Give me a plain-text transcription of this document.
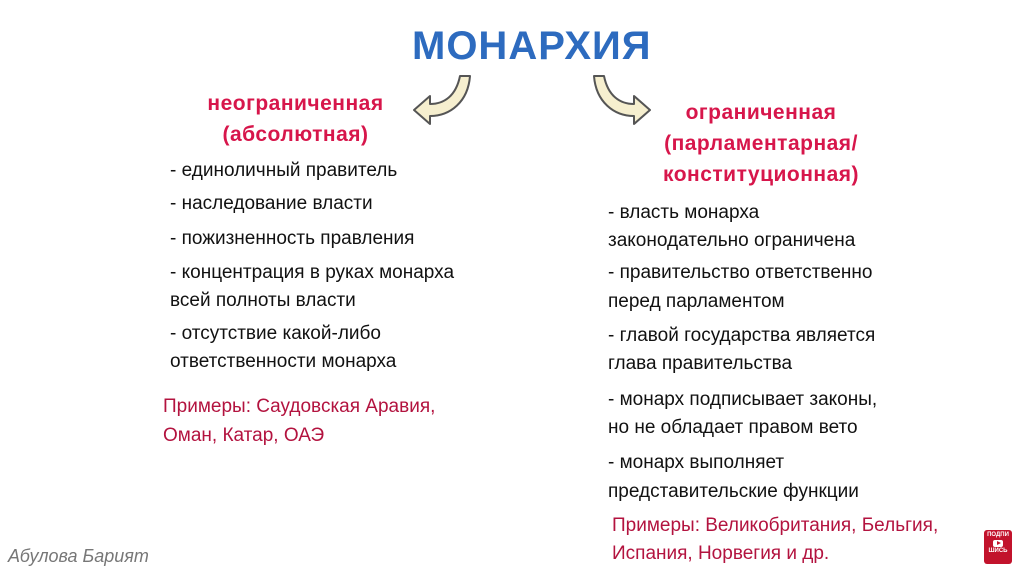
МОНАРХИЯ
неограниченная
(абсолютная)
- единоличный правитель
- наследование власти
- пожизненность правления
- концентрация в руках монарха
всей полноты власти
- отсутствие какой-либо
ответственности монарха
Примеры: Саудовская Аравия,
Оман, Катар, ОАЭ
ограниченная
(парламентарная/
конституционная)
- власть монарха
законодательно ограничена
- правительство ответственно
перед парламентом
- главой государства является
глава правительства
- монарх подписывает законы,
но не обладает правом вето
- монарх выполняет
представительские функции
Примеры: Великобритания, Бельгия,
Испания, Норвегия и др.
Абулова Барият
ПОДПИ
ШИСЬ
